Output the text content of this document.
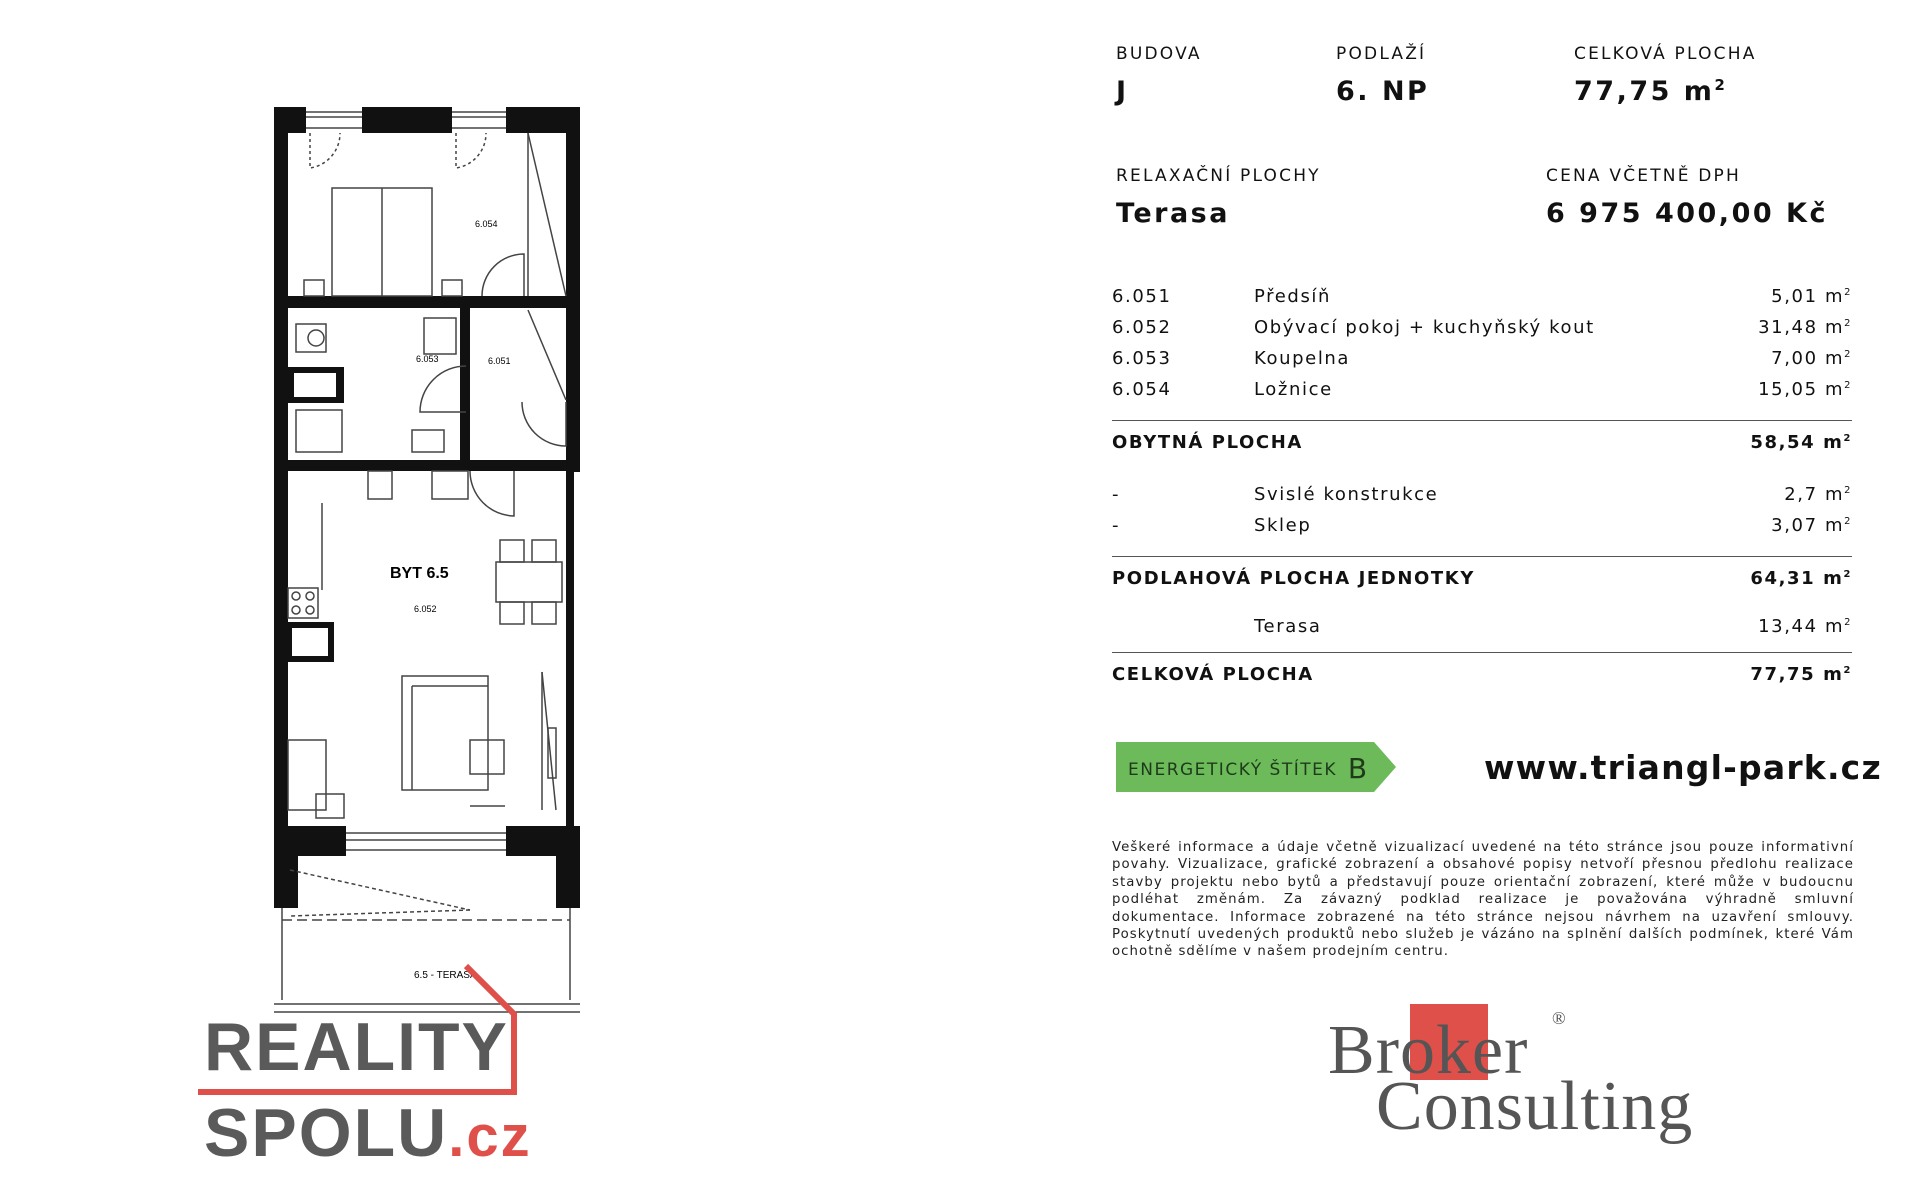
6.054
6.053	6.051
BYT 6.5
6.052
6.5 - TERASA
REALITY
SPOLU.cz
BUDOVA
J
PODLAŽÍ
6. NP
CELKOVÁ PLOCHA
77,75 $m^2$
RELAXAČNÍ PLOCHY
Terasa
CENA VČETNĚ DPH
6 975 400,00 Kč
6.051	Předsíň	5,01 $m^2$
6.052	Obývací pokoj + kuchyňský kout	31,48 $m^2$
6.053	Koupelna	7,00 $m^2$
6.054	Ložnice	15,05 $m^2$
OBYTNÁ PLOCHA	58,54 $m^2$
-	Svislé konstrukce	2,7 $m^2$
-	Sklep	3,07 $m^2$
PODLAHOVÁ PLOCHA JEDNOTKY	64,31 $m^2$
Terasa	13,44 $m^2$
CELKOVÁ PLOCHA	77,75 $m^2$
ENERGETICKÝ ŠTÍTEK B	www.triangl-park.cz
Veškeré informace a údaje včetně vizualizací uvedené na této stránce jsou pouze informativní povahy. Vizualizace, grafické zobrazení a obsahové popisy netvoří přesnou předlohu realizace stavby projektu nebo bytů a představují pouze orientační zobrazení, které může v budoucnu podléhat změnám. Za závazný podklad realizace je považována výhradně smluvní dokumentace. Informace zobrazené na této stránce nejsou návrhem na uzavření smlouvy. Poskytnutí uvedených produktů nebo služeb je vázáno na splnění dalších podmínek, které Vám ochotně sdělíme v našem prodejním centru.
Broker ®
Consulting
